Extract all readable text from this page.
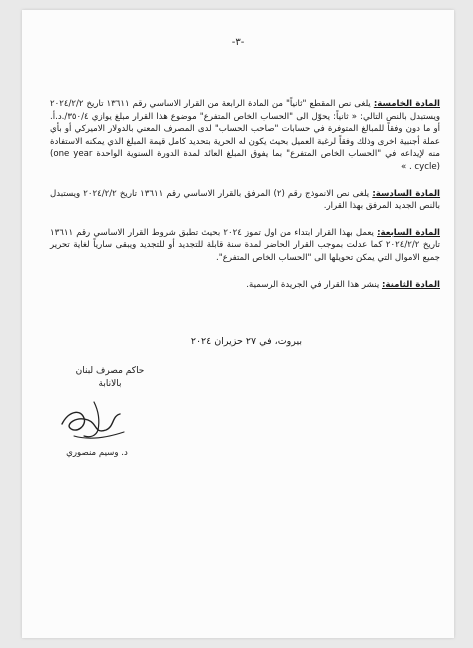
-٣-

المادة الخامسة: يلغى نص المقطع "ثانياً" من المادة الرابعة من القرار الاساسي رقم ١٣٦١١ تاريخ ٢٠٢٤/٢/٢ ويستبدل بالنص التالي: « ثانياً: يحوّل الى "الحساب الخاص المتفرع" موضوع هذا القرار مبلغ يوازي ٣٥٠/٤/.د.أ. أو ما دون وفقاً للمبالغ المتوفرة في حسابات "صاحب الحساب" لدى المصرف المعني بالدولار الاميركي أو بأي عملة أجنبية اخرى وذلك وفقاً لرغبة العميل بحيث يكون له الحرية بتحديد كامل قيمة المبلغ الذي يمكنه الاستفادة منه لإيداعه في "الحساب الخاص المتفرع" بما يفوق المبلغ العائد لمدة الدورة السنوية الواحدة (one year cycle) . »

المادة السادسة: يلغى نص الانموذج رقم (٢) المرفق بالقرار الاساسي رقم ١٣٦١١ تاريخ ٢٠٢٤/٢/٢ ويستبدل بالنص الجديد المرفق بهذا القرار.

المادة السابعة: يعمل بهذا القرار ابتداء من اول تموز ٢٠٢٤ بحيث تطبق شروط القرار الاساسي رقم ١٣٦١١ تاريخ ٢٠٢٤/٢/٢ كما عدلت بموجب القرار الحاضر لمدة سنة قابلة للتجديد أو للتجديد ويبقى سارياً لغاية تحرير جميع الاموال التي يمكن تحويلها الى "الحساب الخاص المتفرع".

المادة الثامنة: ينشر هذا القرار في الجريدة الرسمية.

بيروت، في ٢٧ حزيران ٢٠٢٤
حاكم مصرف لبنان
بالانابة
د. وسيم منصوري
